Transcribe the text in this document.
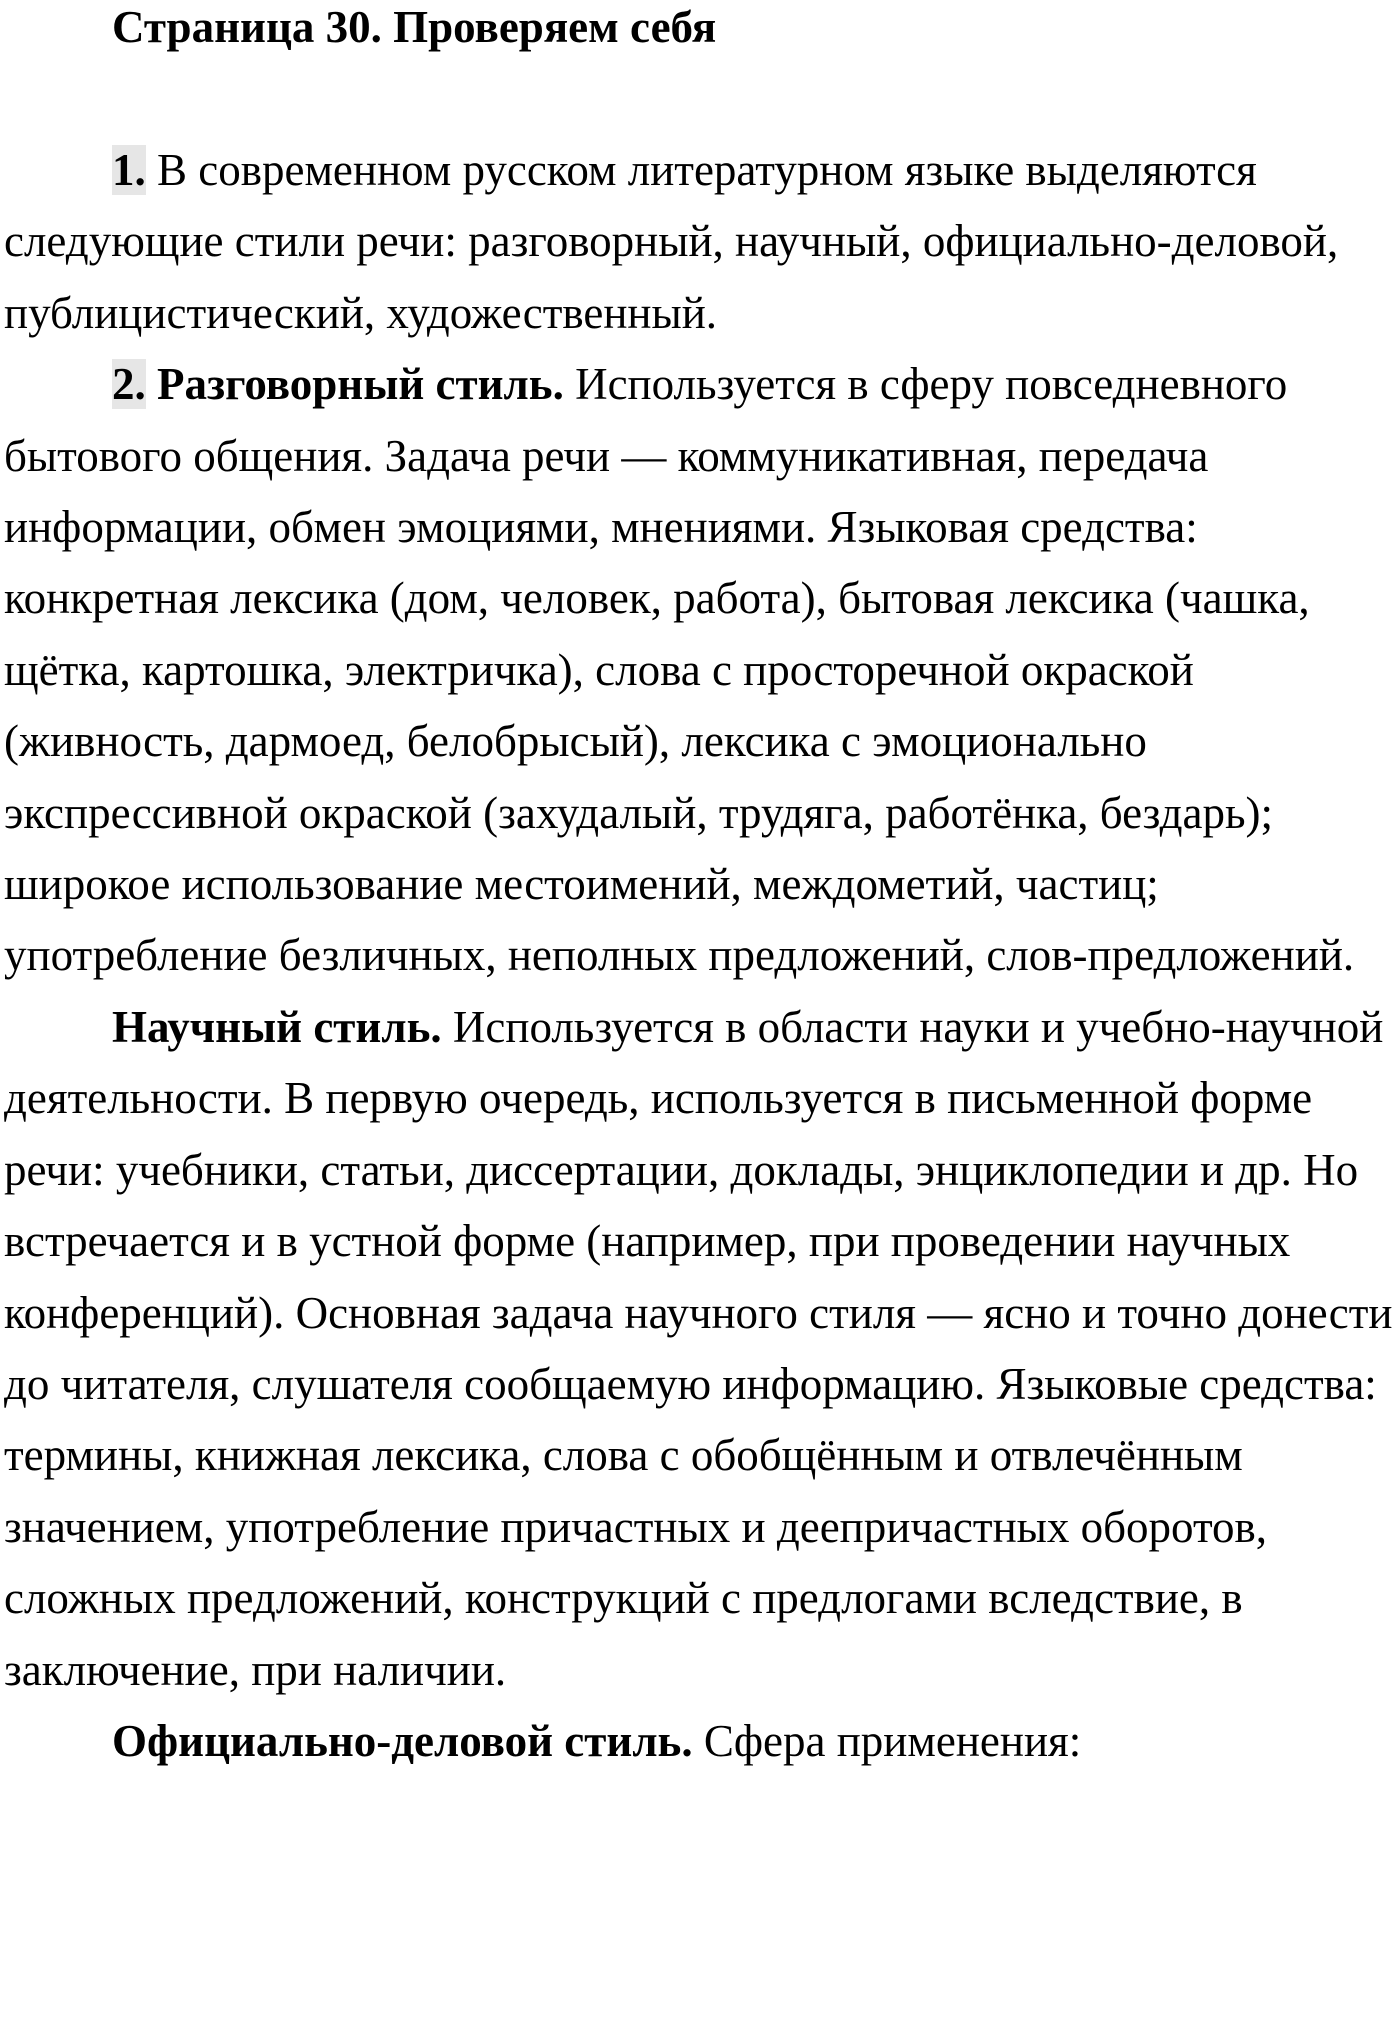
Страница 30. Проверяем себя

1. В современном русском литературном языке выделяются следующие стили речи: разговорный, научный, официально-деловой, публицистический, художественный.

2. Разговорный стиль. Используется в сферу повседневного бытового общения. Задача речи — коммуникативная, передача информации, обмен эмоциями, мнениями. Языковая средства: конкретная лексика (дом, человек, работа), бытовая лексика (чашка, щётка, картошка, электричка), слова с просторечной окраской (живность, дармоед, белобрысый), лексика с эмоционально экспрессивной окраской (захудалый, трудяга, работёнка, бездарь); широкое использование местоимений, междометий, частиц; употребление безличных, неполных предложений, слов-предложений.

Научный стиль. Используется в области науки и учебно-научной деятельности. В первую очередь, используется в письменной форме речи: учебники, статьи, диссертации, доклады, энциклопедии и др. Но встречается и в устной форме (например, при проведении научных конференций). Основная задача научного стиля — ясно и точно донести до читателя, слушателя сообщаемую информацию. Языковые средства: термины, книжная лексика, слова с обобщённым и отвлечённым значением, употребление причастных и деепричастных оборотов, сложных предложений, конструкций с предлогами вследствие, в заключение, при наличии.

Официально-деловой стиль. Сфера применения:
